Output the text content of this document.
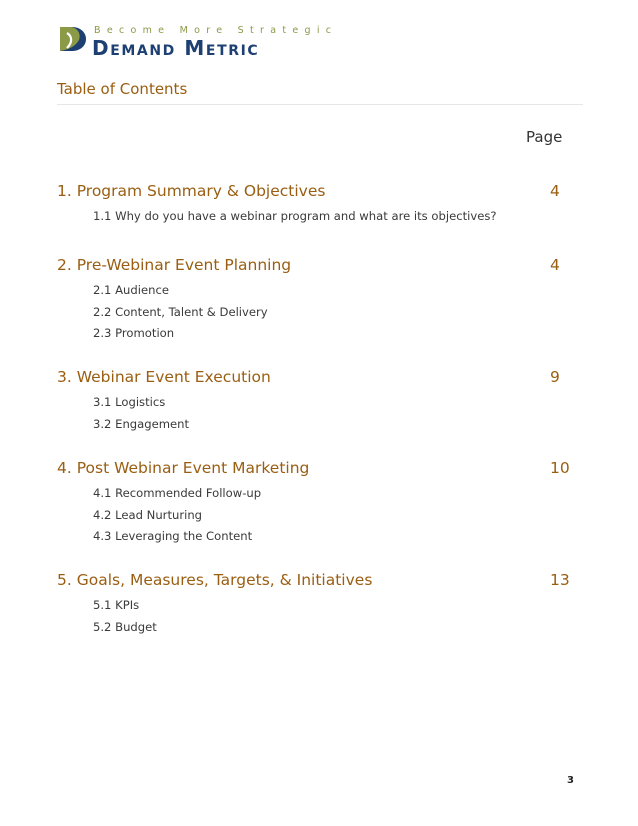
Become More Strategic
Demand Metric
Table of Contents
Page
1. Program Summary & Objectives	4
1.1 Why do you have a webinar program and what are its objectives?
2. Pre-Webinar Event Planning	4
2.1 Audience
2.2 Content, Talent & Delivery
2.3 Promotion
3. Webinar Event Execution	9
3.1 Logistics
3.2 Engagement
4. Post Webinar Event Marketing	10
4.1 Recommended Follow-up
4.2 Lead Nurturing
4.3 Leveraging the Content
5. Goals, Measures, Targets, & Initiatives	13
5.1 KPIs
5.2 Budget
3
